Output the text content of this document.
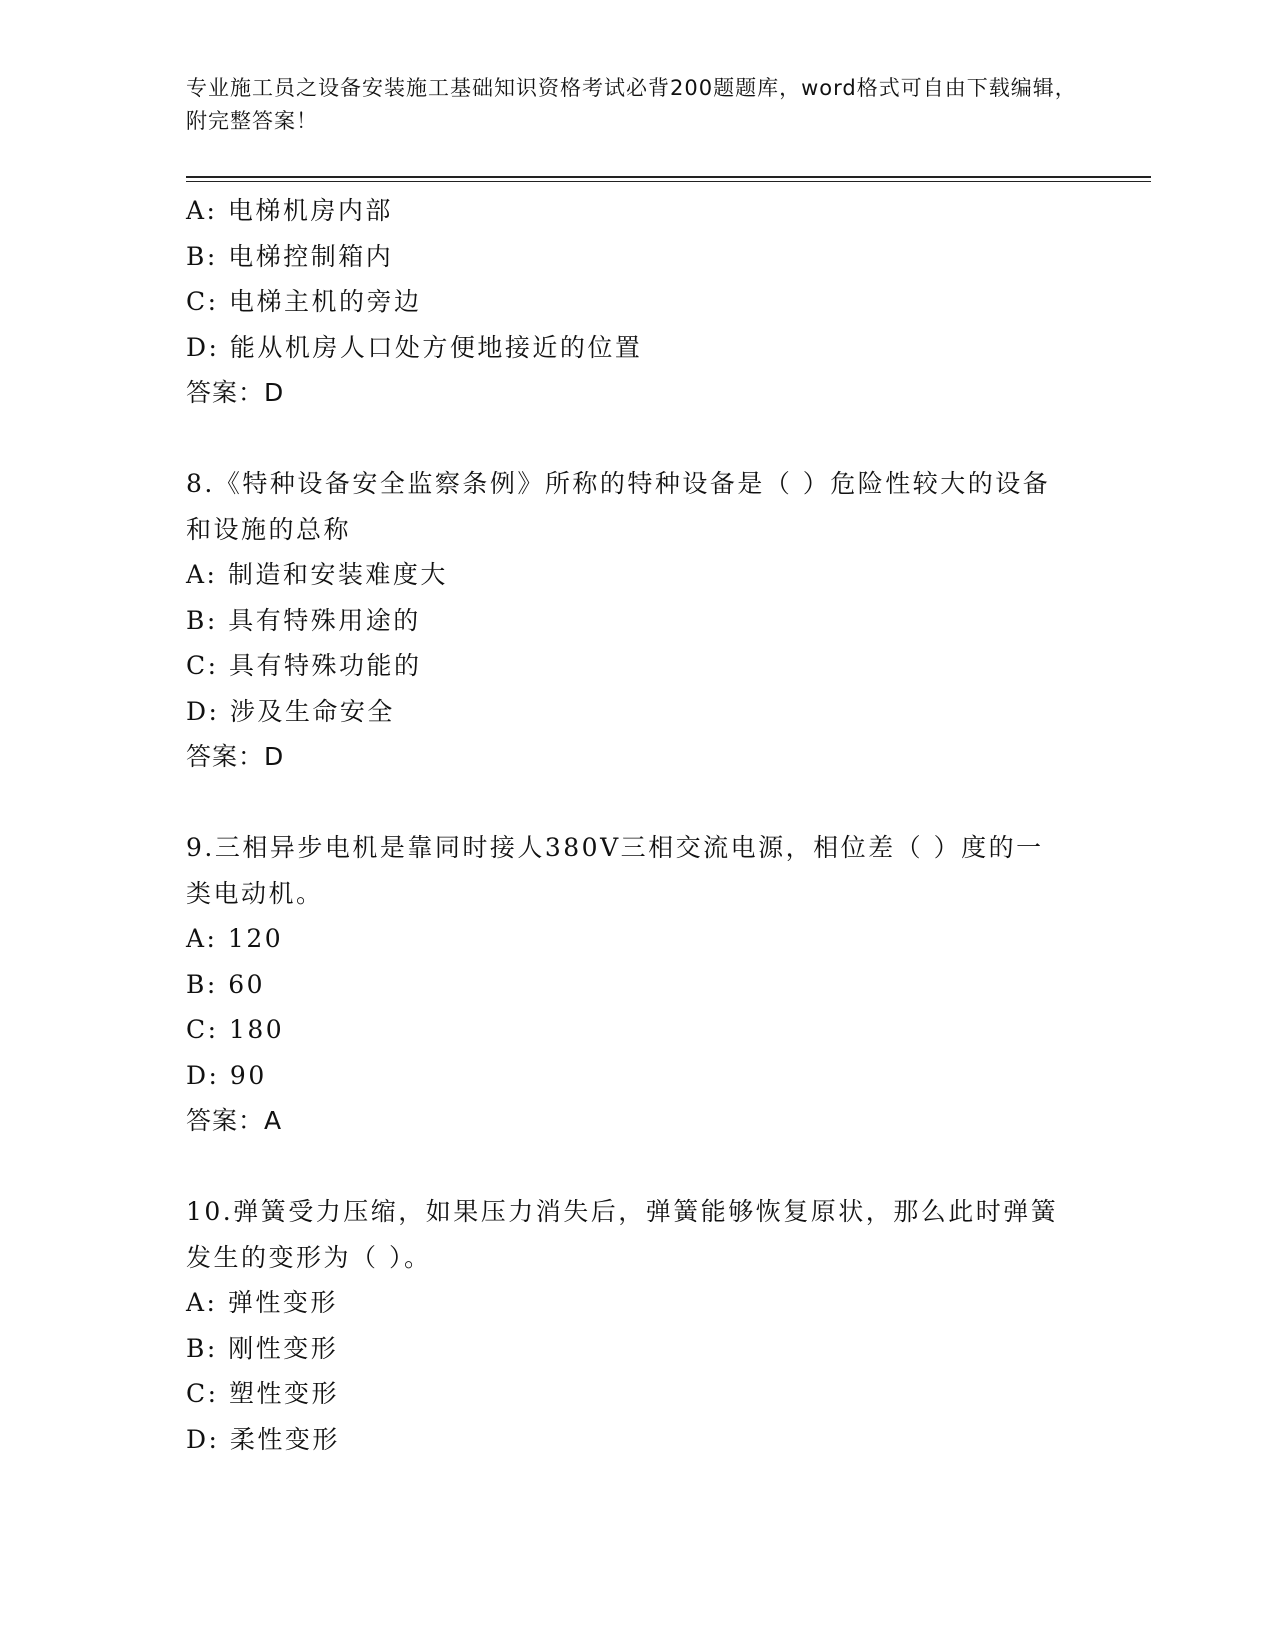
专业施工员之设备安装施工基础知识资格考试必背200题题库，word格式可自由下载编辑，附完整答案！
A: 电梯机房内部
B: 电梯控制箱内
C: 电梯主机的旁边
D: 能从机房人口处方便地接近的位置
答案：D
8.《特种设备安全监察条例》所称的特种设备是（ ）危险性较大的设备和设施的总称
A: 制造和安装难度大
B: 具有特殊用途的
C: 具有特殊功能的
D: 涉及生命安全
答案：D
9.三相异步电机是靠同时接人380V三相交流电源，相位差（ ）度的一类电动机。
A: 120
B: 60
C: 180
D: 90
答案：A
10.弹簧受力压缩，如果压力消失后，弹簧能够恢复原状，那么此时弹簧发生的变形为（ ）。
A: 弹性变形
B: 刚性变形
C: 塑性变形
D: 柔性变形
